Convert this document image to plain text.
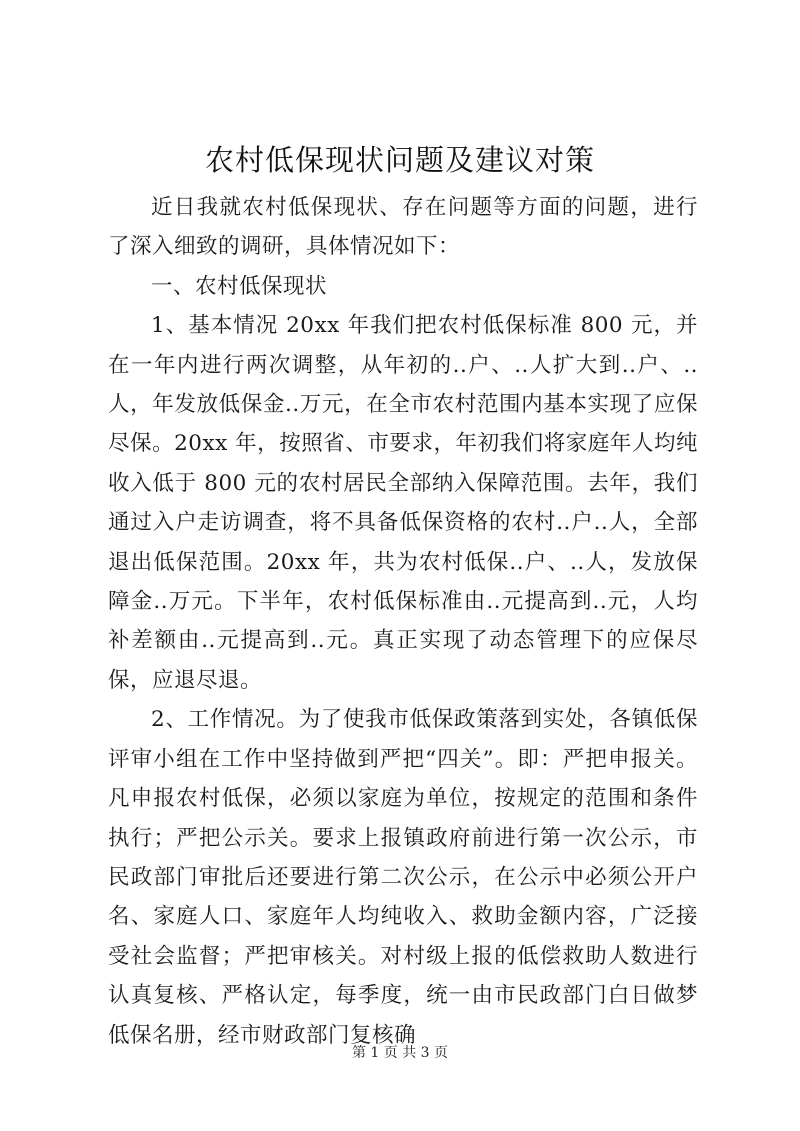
农村低保现状问题及建议对策

近日我就农村低保现状、存在问题等方面的问题，进行了深入细致的调研，具体情况如下：

一、农村低保现状

1、基本情况 20xx 年我们把农村低保标准 800 元，并在一年内进行两次调整，从年初的..户、..人扩大到..户、..人，年发放低保金..万元，在全市农村范围内基本实现了应保尽保。20xx 年，按照省、市要求，年初我们将家庭年人均纯收入低于 800 元的农村居民全部纳入保障范围。去年，我们通过入户走访调查，将不具备低保资格的农村..户..人，全部退出低保范围。20xx 年，共为农村低保..户、..人，发放保障金..万元。下半年，农村低保标准由..元提高到..元，人均补差额由..元提高到..元。真正实现了动态管理下的应保尽保，应退尽退。

2、工作情况。为了使我市低保政策落到实处，各镇低保评审小组在工作中坚持做到严把“四关”。即：严把申报关。凡申报农村低保，必须以家庭为单位，按规定的范围和条件执行；严把公示关。要求上报镇政府前进行第一次公示，市民政部门审批后还要进行第二次公示，在公示中必须公开户名、家庭人口、家庭年人均纯收入、救助金额内容，广泛接受社会监督；严把审核关。对村级上报的低偿救助人数进行认真复核、严格认定，每季度，统一由市民政部门白日做梦低保名册，经市财政部门复核确

第 1 页 共 3 页
